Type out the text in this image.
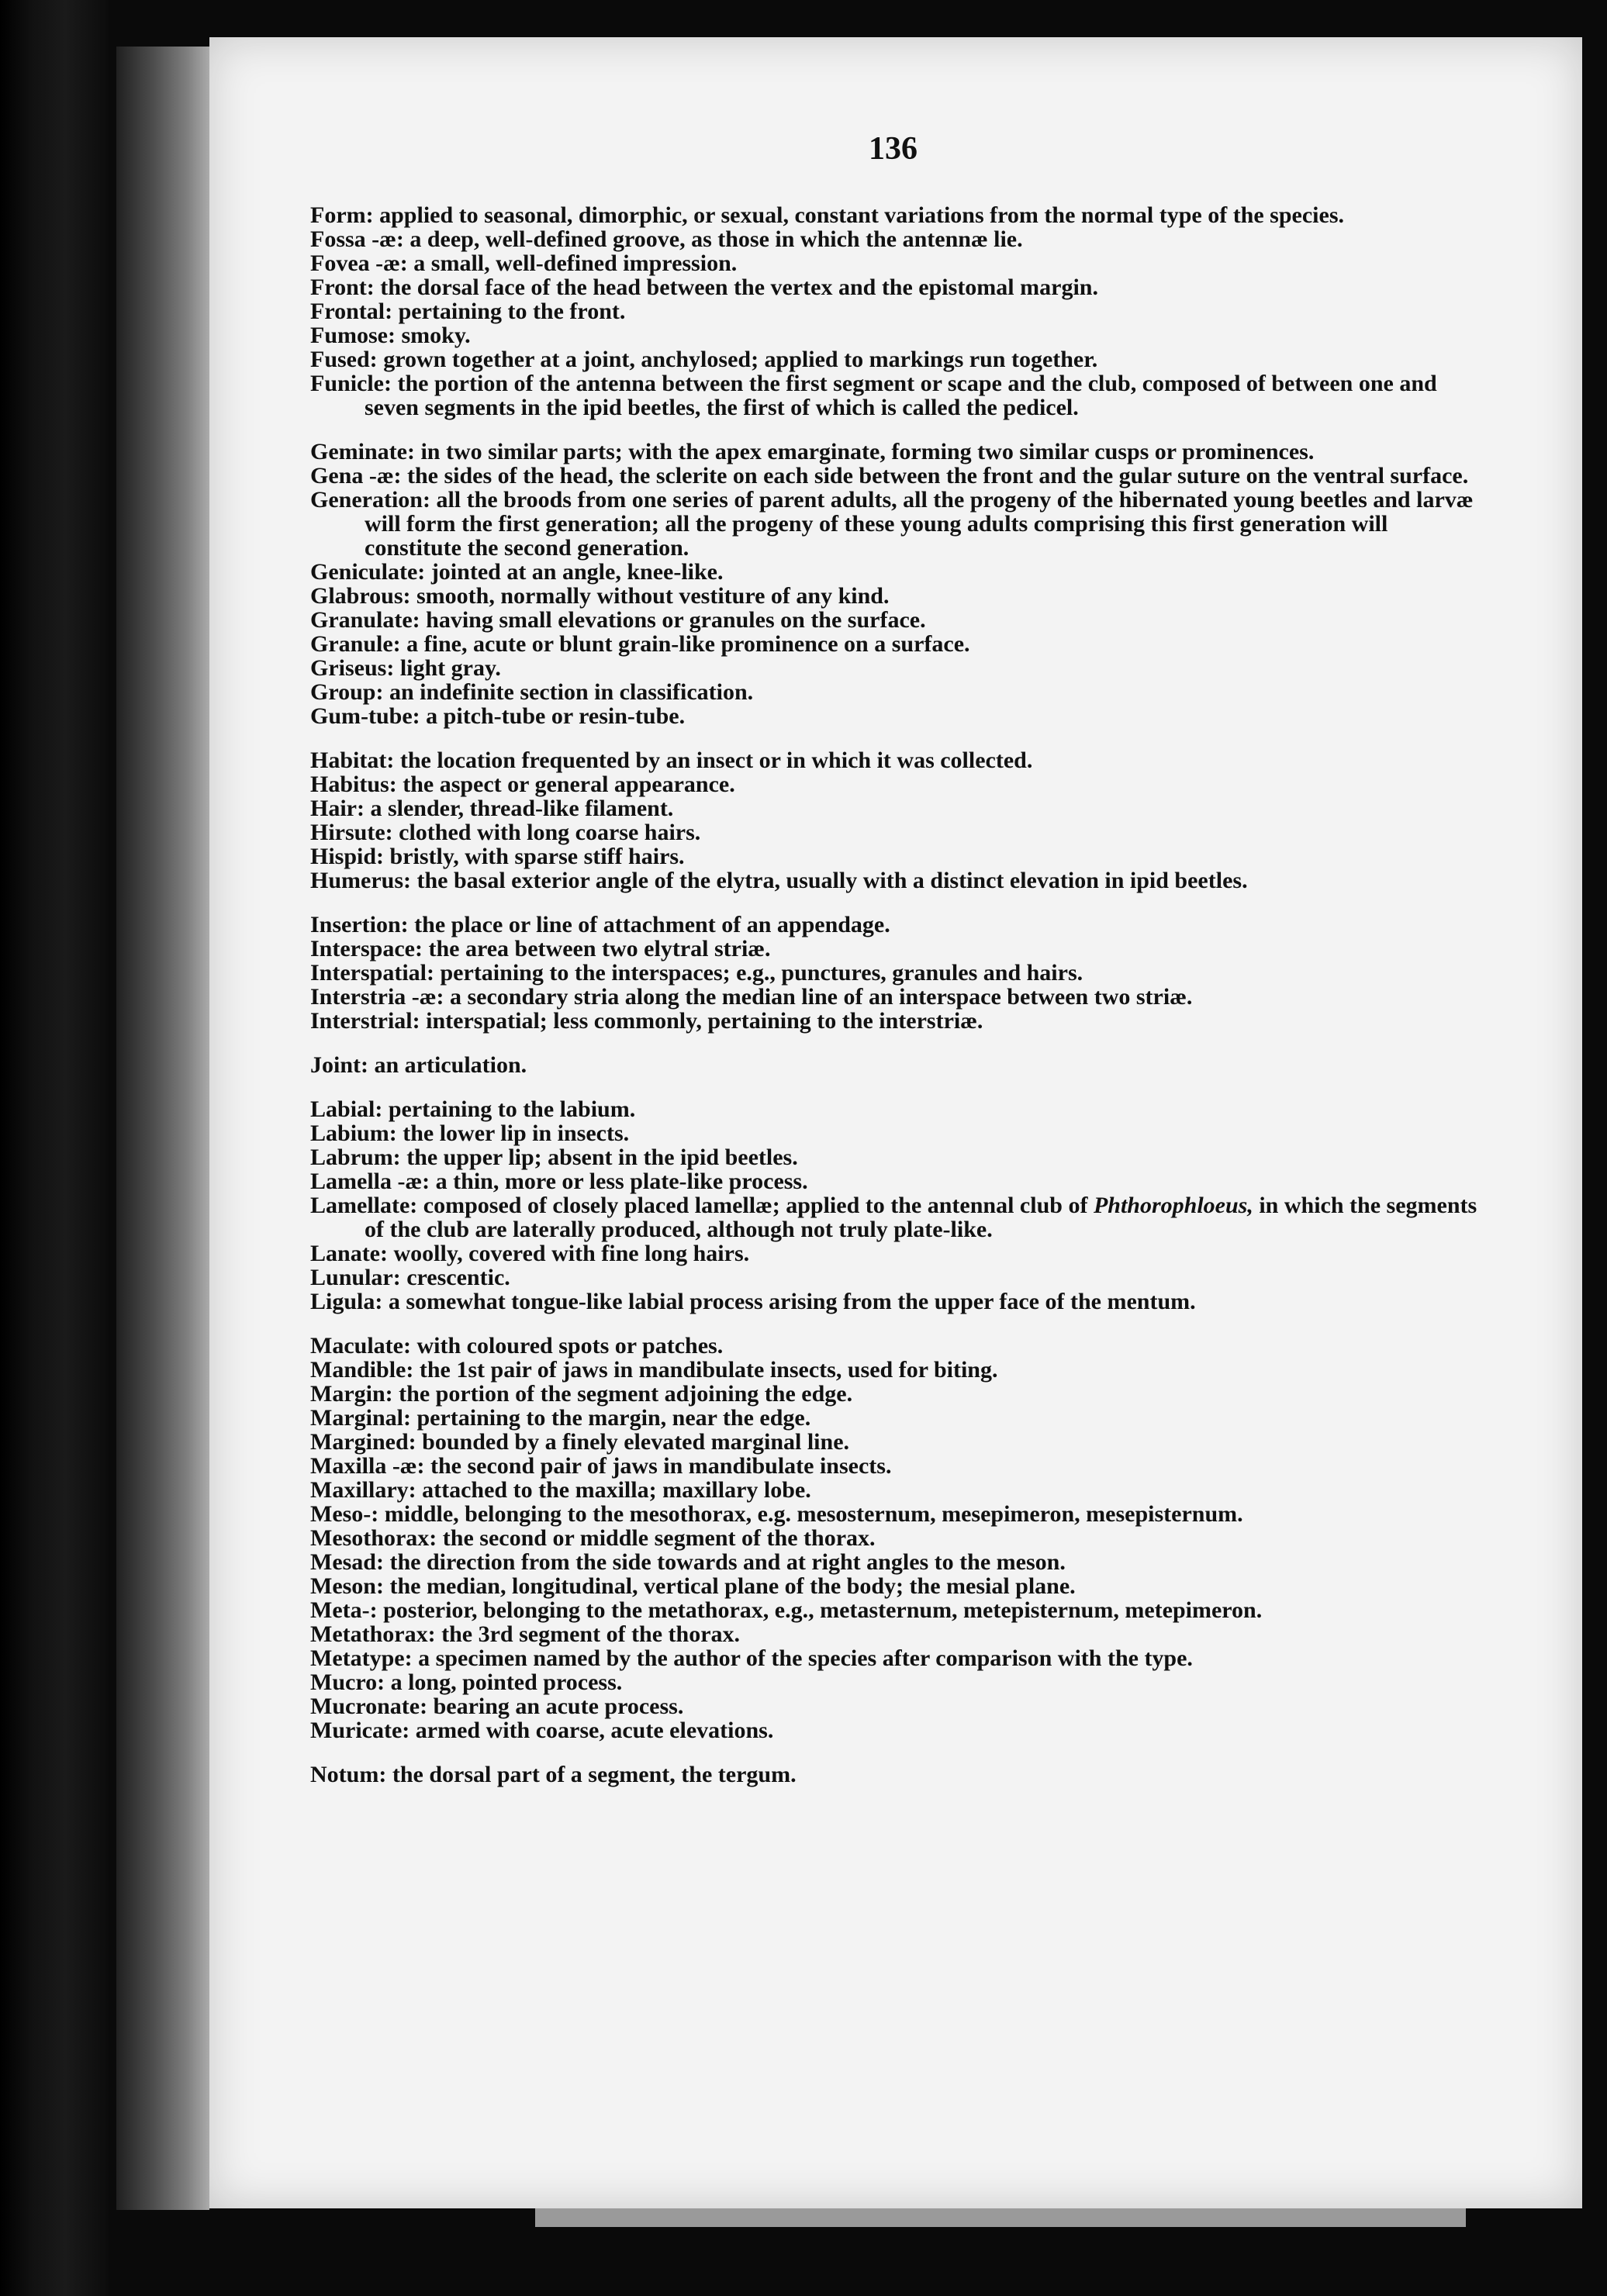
136

Form: applied to seasonal, dimorphic, or sexual, constant variations from the normal type of the species.

Fossa -æ: a deep, well-defined groove, as those in which the antennæ lie.

Fovea -æ: a small, well-defined impression.

Front: the dorsal face of the head between the vertex and the epistomal margin.

Frontal: pertaining to the front.

Fumose: smoky.

Fused: grown together at a joint, anchylosed; applied to markings run together.

Funicle: the portion of the antenna between the first segment or scape and the club, composed of between one and seven segments in the ipid beetles, the first of which is called the pedicel.

Geminate: in two similar parts; with the apex emarginate, forming two similar cusps or prominences.

Gena -æ: the sides of the head, the sclerite on each side between the front and the gular suture on the ventral surface.

Generation: all the broods from one series of parent adults, all the progeny of the hibernated young beetles and larvæ will form the first generation; all the progeny of these young adults comprising this first generation will constitute the second generation.

Geniculate: jointed at an angle, knee-like.

Glabrous: smooth, normally without vestiture of any kind.

Granulate: having small elevations or granules on the surface.

Granule: a fine, acute or blunt grain-like prominence on a surface.

Griseus: light gray.

Group: an indefinite section in classification.

Gum-tube: a pitch-tube or resin-tube.

Habitat: the location frequented by an insect or in which it was collected.

Habitus: the aspect or general appearance.

Hair: a slender, thread-like filament.

Hirsute: clothed with long coarse hairs.

Hispid: bristly, with sparse stiff hairs.

Humerus: the basal exterior angle of the elytra, usually with a distinct elevation in ipid beetles.

Insertion: the place or line of attachment of an appendage.

Interspace: the area between two elytral striæ.

Interspatial: pertaining to the interspaces; e.g., punctures, granules and hairs.

Interstria -æ: a secondary stria along the median line of an interspace between two striæ.

Interstrial: interspatial; less commonly, pertaining to the interstriæ.

Joint: an articulation.

Labial: pertaining to the labium.

Labium: the lower lip in insects.

Labrum: the upper lip; absent in the ipid beetles.

Lamella -æ: a thin, more or less plate-like process.

Lamellate: composed of closely placed lamellæ; applied to the antennal club of Phthorophloeus, in which the segments of the club are laterally produced, although not truly plate-like.

Lanate: woolly, covered with fine long hairs.

Lunular: crescentic.

Ligula: a somewhat tongue-like labial process arising from the upper face of the mentum.

Maculate: with coloured spots or patches.

Mandible: the 1st pair of jaws in mandibulate insects, used for biting.

Margin: the portion of the segment adjoining the edge.

Marginal: pertaining to the margin, near the edge.

Margined: bounded by a finely elevated marginal line.

Maxilla -æ: the second pair of jaws in mandibulate insects.

Maxillary: attached to the maxilla; maxillary lobe.

Meso-: middle, belonging to the mesothorax, e.g. mesosternum, mesepimeron, mesepisternum.

Mesothorax: the second or middle segment of the thorax.

Mesad: the direction from the side towards and at right angles to the meson.

Meson: the median, longitudinal, vertical plane of the body; the mesial plane.

Meta-: posterior, belonging to the metathorax, e.g., metasternum, metepisternum, metepimeron.

Metathorax: the 3rd segment of the thorax.

Metatype: a specimen named by the author of the species after comparison with the type.

Mucro: a long, pointed process.

Mucronate: bearing an acute process.

Muricate: armed with coarse, acute elevations.

Notum: the dorsal part of a segment, the tergum.
